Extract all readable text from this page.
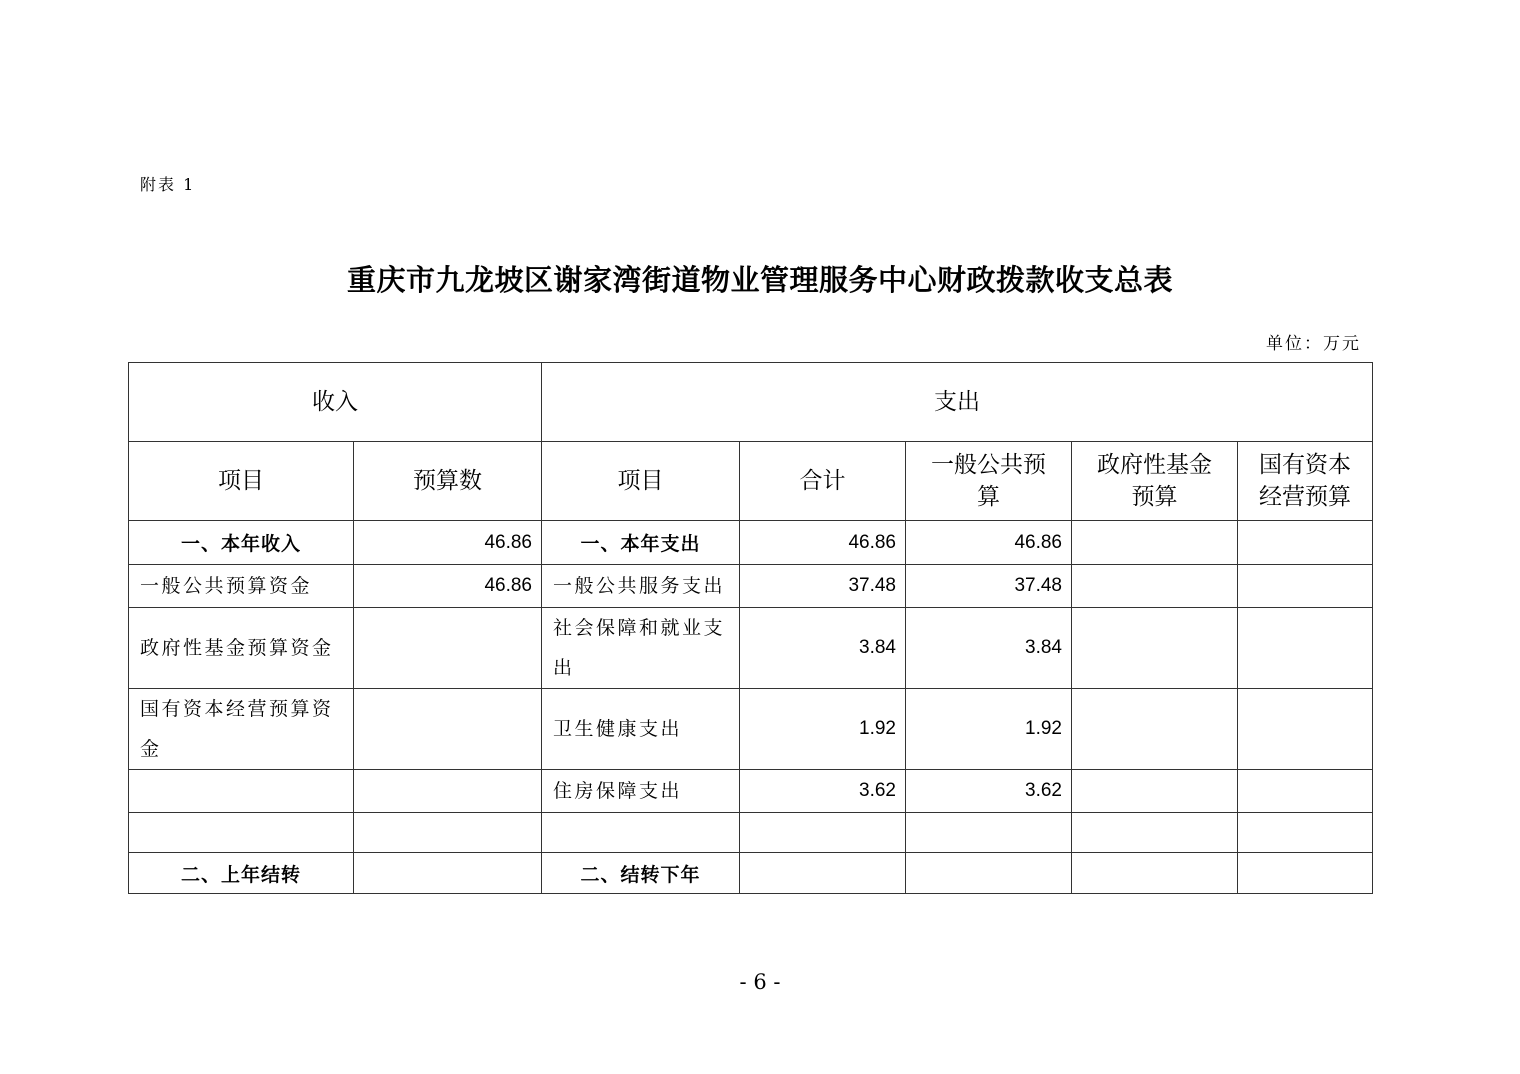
附表 1
重庆市九龙坡区谢家湾街道物业管理服务中心财政拨款收支总表
单位：万元
收入		支出				
项目	预算数	项目	合计	一般公共预算	政府性基金预算	国有资本经营预算
一、本年收入	46.86	一、本年支出	46.86	46.86		
一般公共预算资金	46.86	一般公共服务支出	37.48	37.48		
政府性基金预算资金		社会保障和就业支出	3.84	3.84		
国有资本经营预算资金		卫生健康支出	1.92	1.92		
		住房保障支出	3.62	3.62		

二、上年结转		二、结转下年				
- 6 -
